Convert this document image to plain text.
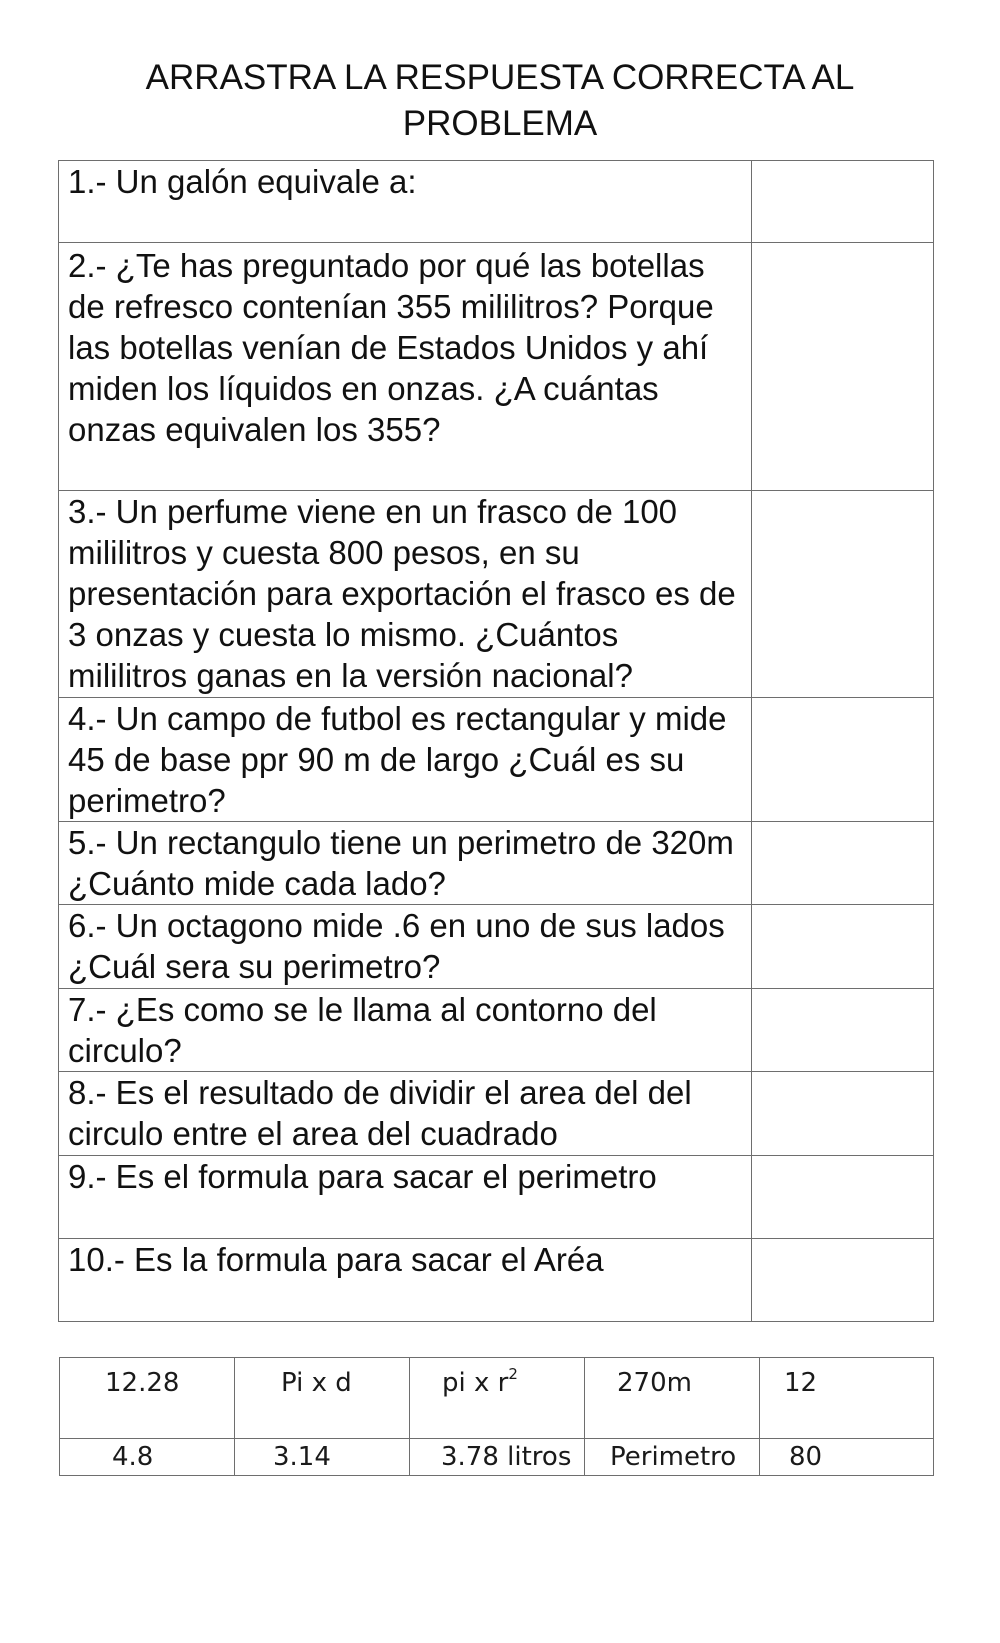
ARRASTRA LA RESPUESTA CORRECTA AL
PROBLEMA
1.- Un galón equivale a:	

2.- ¿Te has preguntado por qué las botellas de refresco contenían 355 mililitros? Porque las botellas venían de Estados Unidos y ahí miden los líquidos en onzas. ¿A cuántas onzas equivalen los 355?	

3.- Un perfume viene en un frasco de 100 mililitros y cuesta 800 pesos, en su presentación para exportación el frasco es de 3 onzas y cuesta lo mismo. ¿Cuántos mililitros ganas en la versión nacional?	

4.- Un campo de futbol es rectangular y mide 45 de base ppr 90 m de largo ¿Cuál es su perimetro?	

5.- Un rectangulo tiene un perimetro de 320m ¿Cuánto mide cada lado?	

6.- Un octagono mide .6 en uno de sus lados ¿Cuál sera su perimetro?	

7.- ¿Es como se le llama al contorno del circulo?	

8.- Es el resultado de dividir el area del del circulo entre el area del cuadrado	

9.- Es el formula para sacar el perimetro	

10.- Es la formula para sacar el Aréa	

12.28	Pi x d	pi x $r^2$	270m	12

4.8	3.14	3.78 litros	Perimetro	80
